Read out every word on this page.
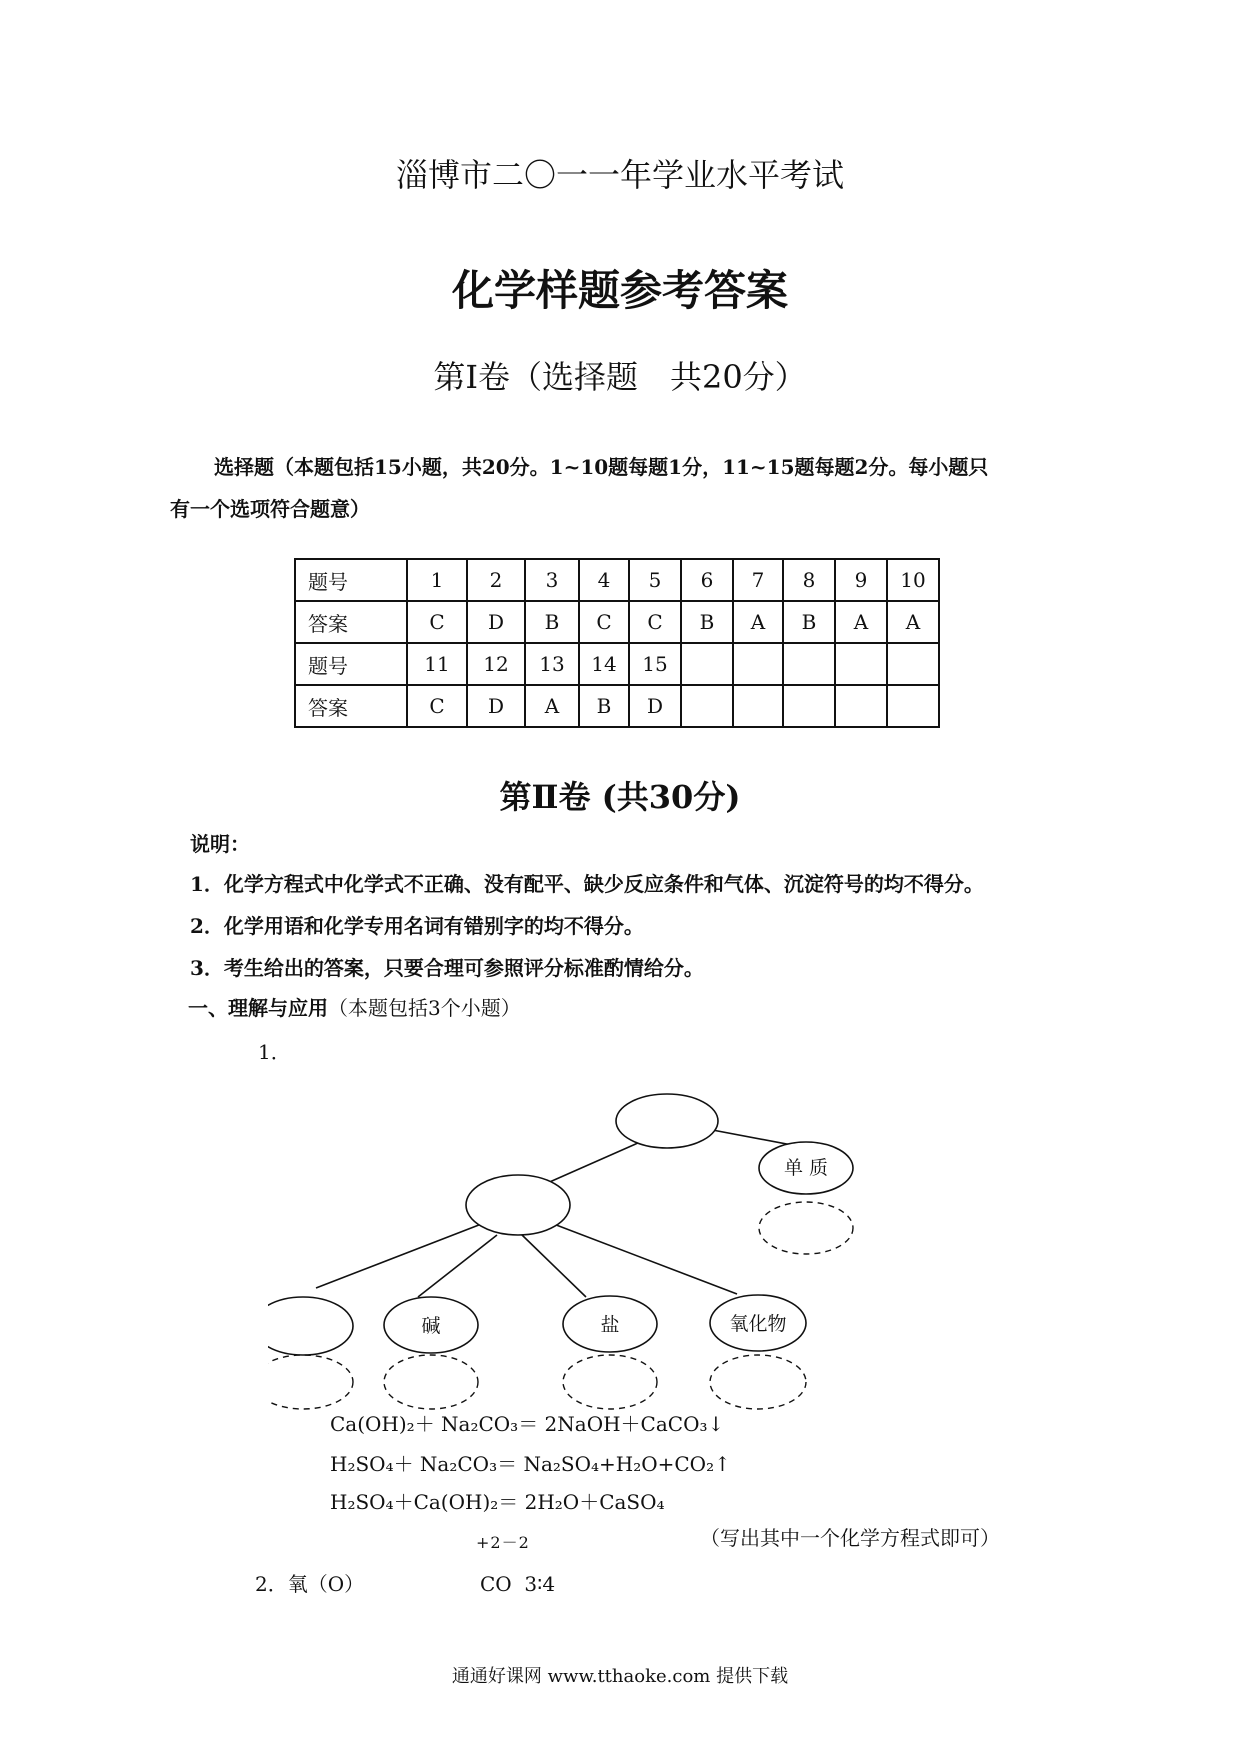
淄博市二〇一一年学业水平考试
化学样题参考答案
第Ⅰ卷（选择题　共20分）
选择题（本题包括15小题，共20分。1~10题每题1分，11~15题每题2分。每小题只
有一个选项符合题意）
题号	1	2	3	4	5	6	7	8	9	10
答案	C	D	B	C	C	B	A	B	A	A
题号	11	12	13	14	15					
答案	C	D	A	B	D					
第Ⅱ卷 (共30分)
说明：
1．化学方程式中化学式不正确、没有配平、缺少反应条件和气体、沉淀符号的均不得分。
2．化学用语和化学专用名词有错别字的均不得分。
3．考生给出的答案，只要合理可参照评分标准酌情给分。
一、理解与应用（本题包括3个小题）
1．
单 质
碱	盐	氧化物
Ca(OH)₂＋ Na₂CO₃＝ 2NaOH＋CaCO₃↓
H₂SO₄＋ Na₂CO₃＝ Na₂SO₄+H₂O+CO₂↑
H₂SO₄＋Ca(OH)₂＝ 2H₂O＋CaSO₄
（写出其中一个化学方程式即可）
2．氧（O）
+2－2
CO 3∶4
通通好课网 www.tthaoke.com 提供下载
